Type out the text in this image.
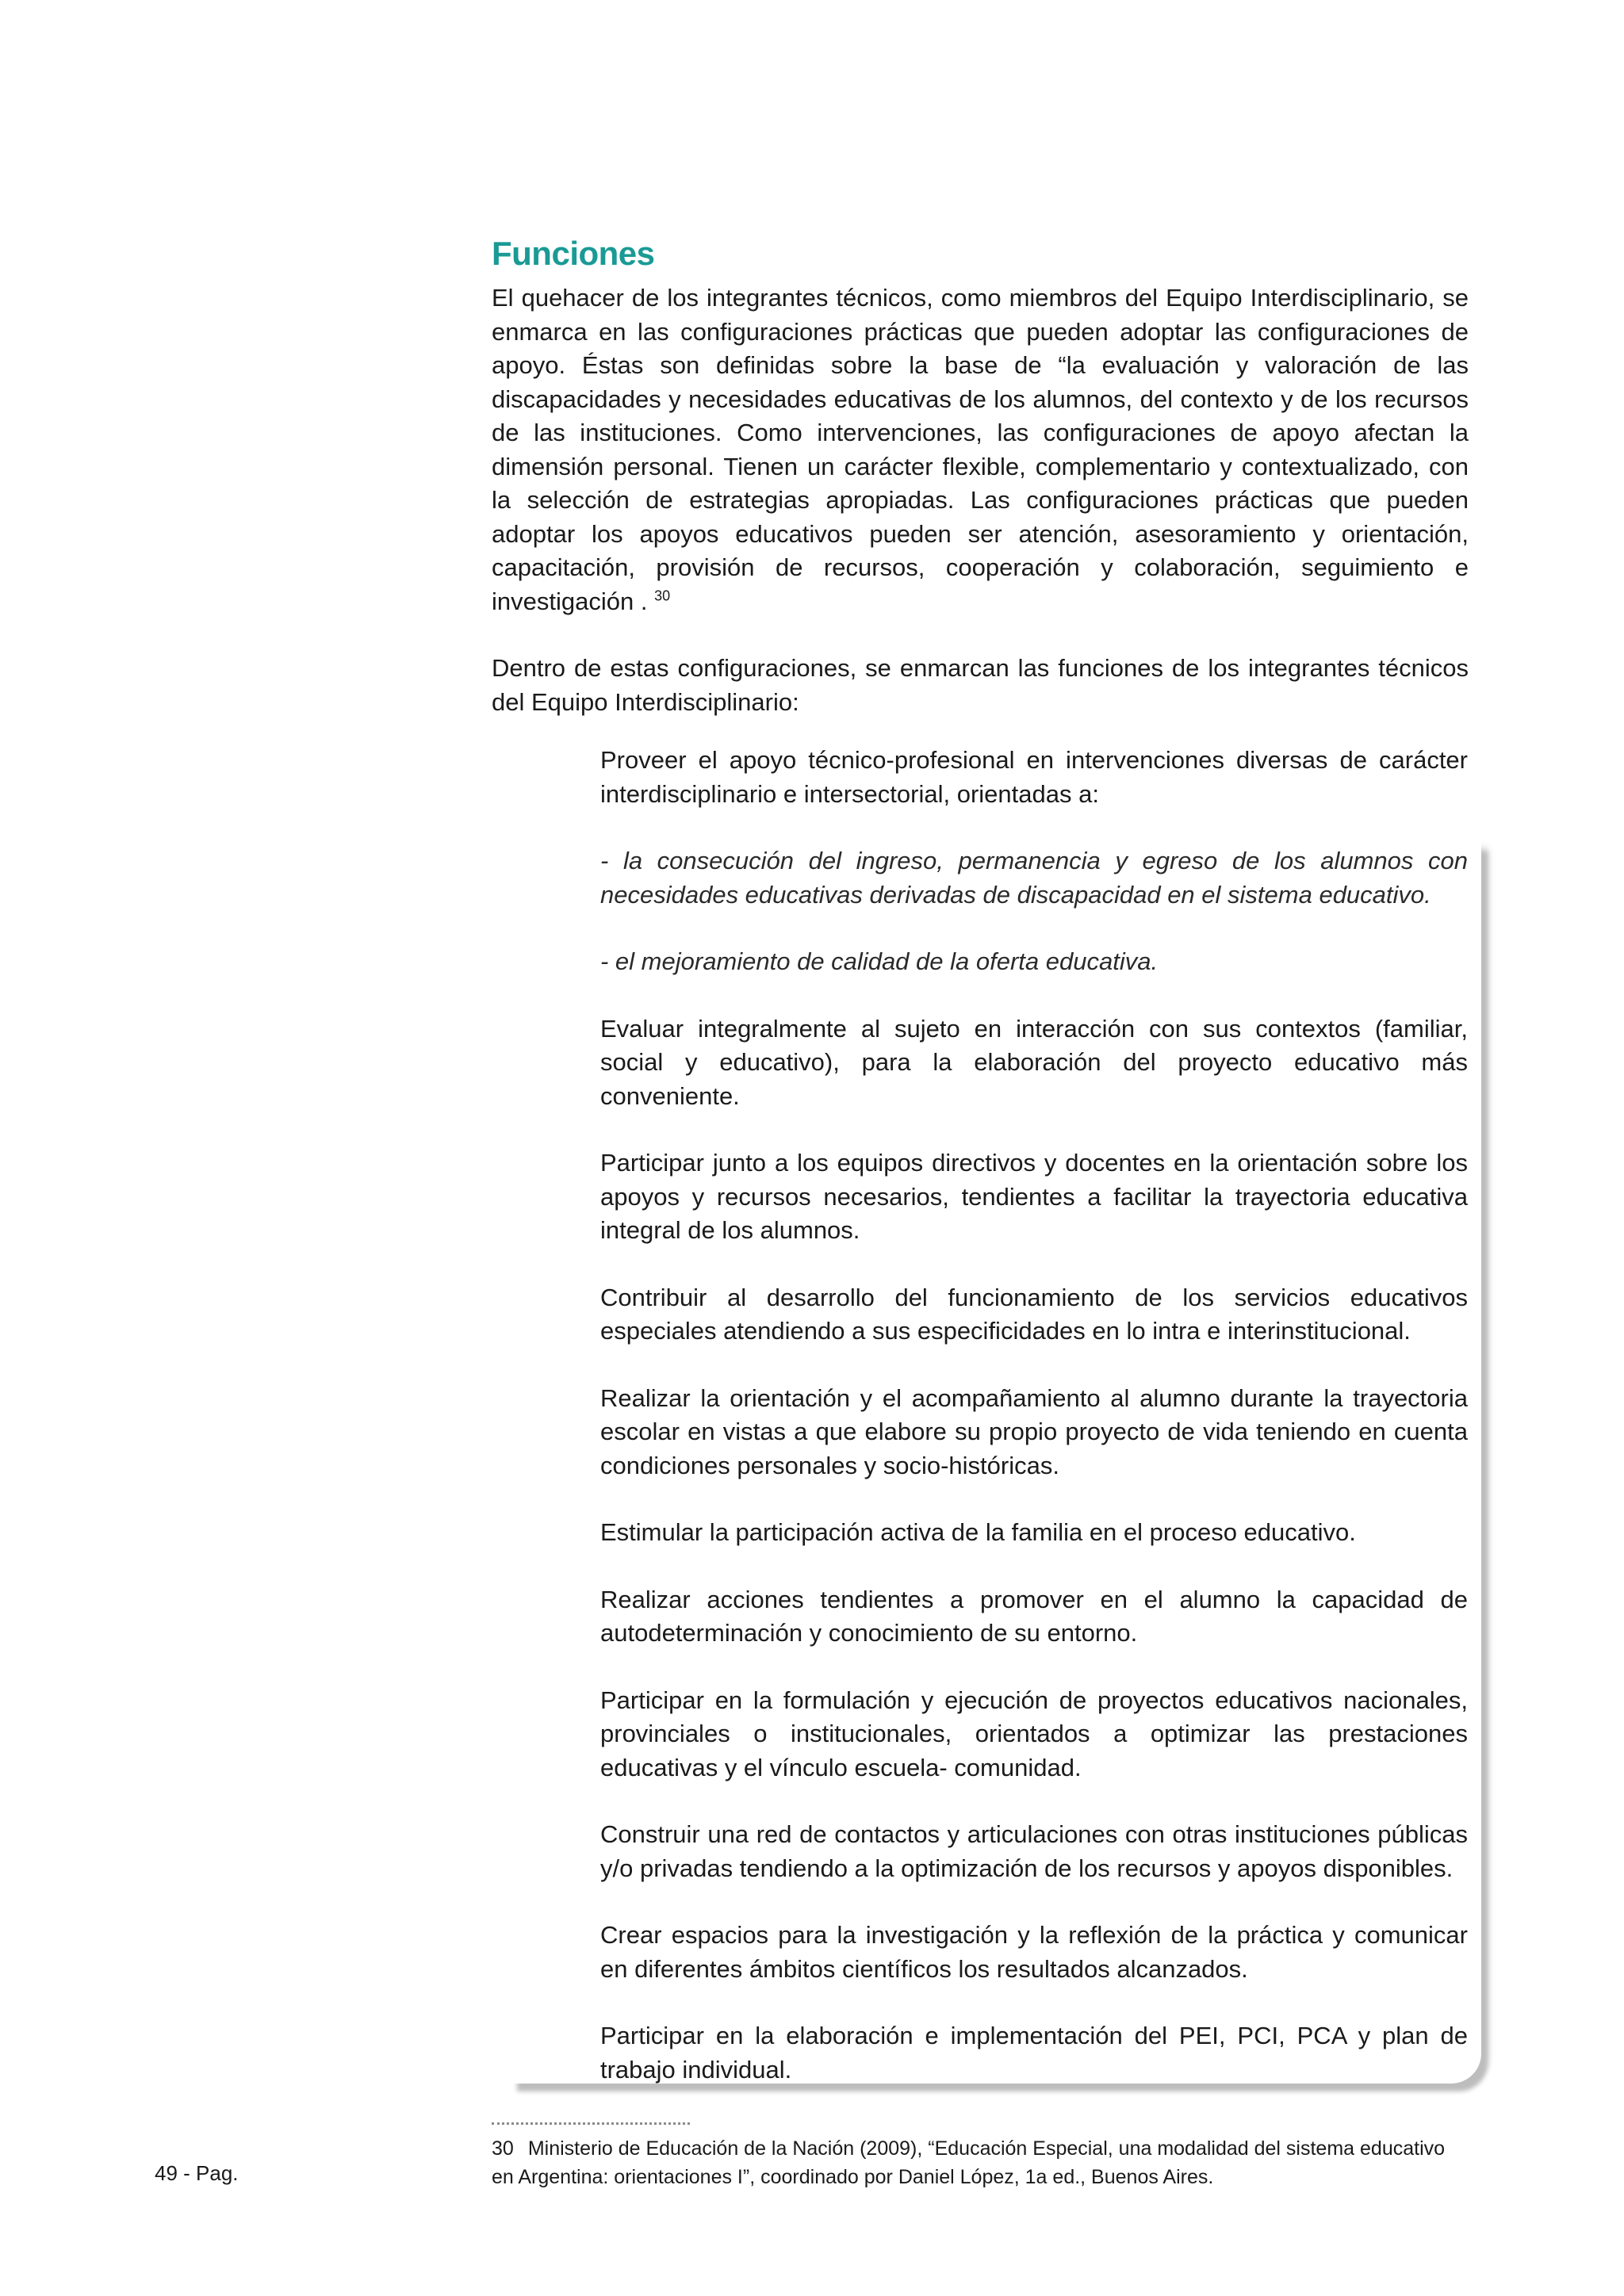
Funciones

El quehacer de los integrantes técnicos, como miembros del Equipo Interdisciplinario, se enmarca en las configuraciones prácticas que pueden adoptar las configuraciones de apoyo. Éstas son definidas sobre la base de “la evaluación y valoración de las discapacidades y necesidades educativas de los alumnos, del contexto y de los recursos de las instituciones. Como intervenciones, las configuraciones de apoyo afectan la dimensión personal. Tienen un carácter flexible, complementario y contextualizado, con la selección de estrategias apropiadas. Las configuraciones prácticas que pueden adoptar los apoyos educativos pueden ser atención, asesoramiento y orientación, capacitación, provisión de recursos, cooperación y colaboración, seguimiento e investigación . $^{30}$

Dentro de estas configuraciones, se enmarcan las funciones de los integrantes técnicos del Equipo Interdisciplinario:

Proveer el apoyo técnico-profesional en intervenciones diversas de carácter interdisciplinario e intersectorial, orientadas a:

- la consecución del ingreso, permanencia y egreso de los alumnos con necesidades educativas derivadas de discapacidad en el sistema educativo.

- el mejoramiento de calidad de la oferta educativa.

Evaluar integralmente al sujeto en interacción con sus contextos (familiar, social y educativo), para la elaboración del proyecto educativo más conveniente.

Participar junto a los equipos directivos y docentes en la orientación sobre los apoyos y recursos necesarios, tendientes a facilitar la trayectoria educativa integral de los alumnos.

Contribuir al desarrollo del funcionamiento de los servicios educativos especiales atendiendo a sus especificidades en lo intra e interinstitucional.

Realizar la orientación y el acompañamiento al alumno durante la trayectoria escolar en vistas a que elabore su propio proyecto de vida teniendo en cuenta condiciones personales y socio-históricas.

Estimular la participación activa de la familia en el proceso educativo.

Realizar acciones tendientes a promover en el alumno la capacidad de autodeterminación y conocimiento de su entorno.

Participar en la formulación y ejecución de proyectos educativos nacionales, provinciales o institucionales, orientados a optimizar las prestaciones educativas y el vínculo escuela- comunidad.

Construir una red de contactos y articulaciones con otras instituciones públicas y/o privadas tendiendo a la optimización de los recursos y apoyos disponibles.

Crear espacios para la investigación y la reflexión de la práctica y comunicar en diferentes ámbitos científicos los resultados alcanzados.

Participar en la elaboración e implementación del PEI, PCI, PCA y plan de trabajo individual.

30 Ministerio de Educación de la Nación (2009), “Educación Especial, una modalidad del sistema educativo en Argentina: orientaciones I”, coordinado por Daniel López, 1a ed., Buenos Aires.
49 - Pag.
